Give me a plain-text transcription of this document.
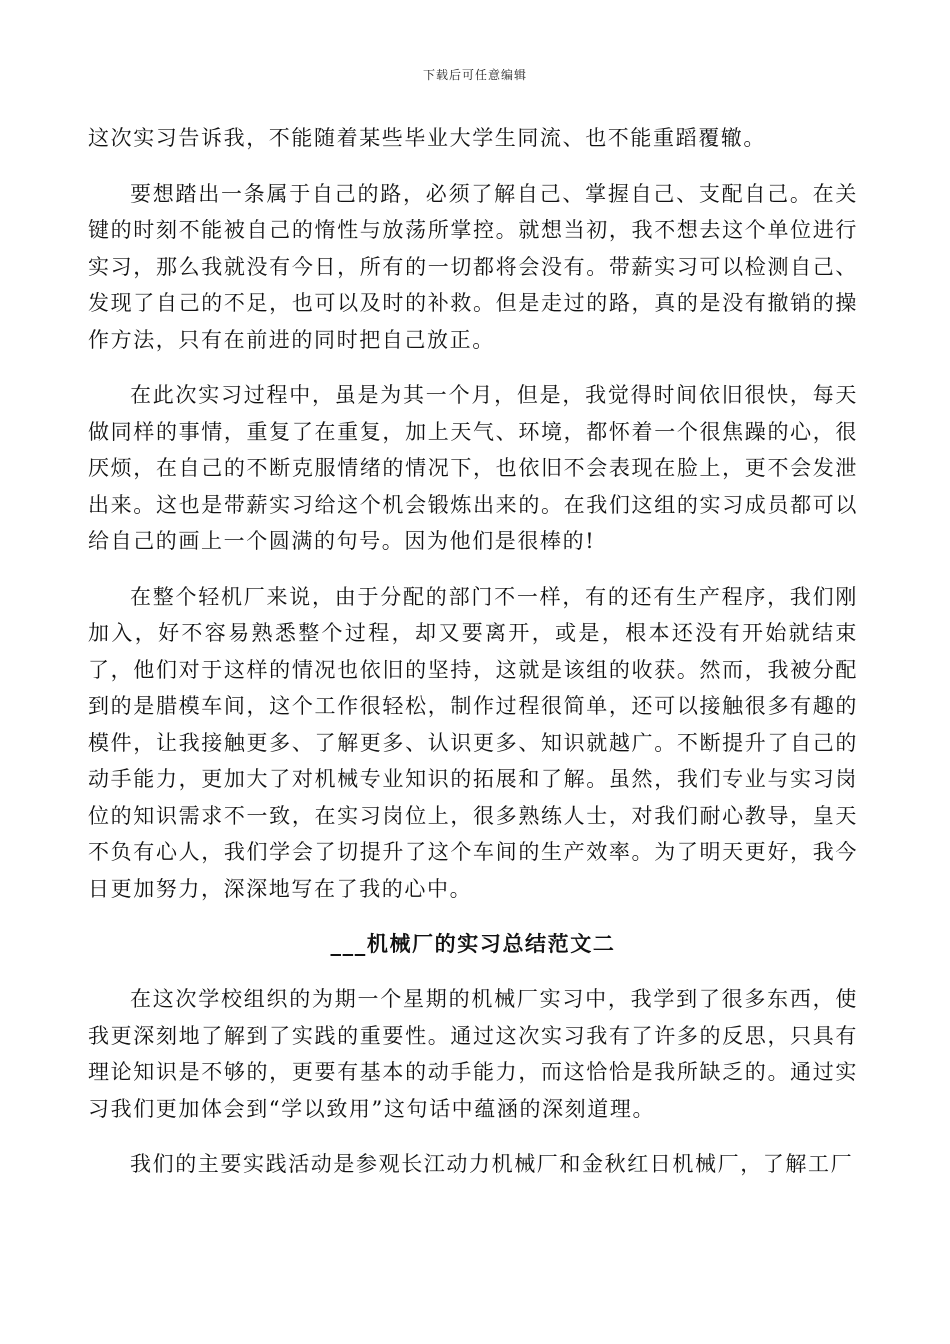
下载后可任意编辑

这次实习告诉我，不能随着某些毕业大学生同流、也不能重蹈覆辙。

要想踏出一条属于自己的路，必须了解自己、掌握自己、支配自己。在关键的时刻不能被自己的惰性与放荡所掌控。就想当初，我不想去这个单位进行实习，那么我就没有今日，所有的一切都将会没有。带薪实习可以检测自己、发现了自己的不足，也可以及时的补救。但是走过的路，真的是没有撤销的操作方法，只有在前进的同时把自己放正。

在此次实习过程中，虽是为其一个月，但是，我觉得时间依旧很快，每天做同样的事情，重复了在重复，加上天气、环境，都怀着一个很焦躁的心，很厌烦，在自己的不断克服情绪的情况下，也依旧不会表现在脸上，更不会发泄出来。这也是带薪实习给这个机会锻炼出来的。在我们这组的实习成员都可以给自己的画上一个圆满的句号。因为他们是很棒的!

在整个轻机厂来说，由于分配的部门不一样，有的还有生产程序，我们刚加入，好不容易熟悉整个过程，却又要离开，或是，根本还没有开始就结束了，他们对于这样的情况也依旧的坚持，这就是该组的收获。然而，我被分配到的是腊模车间，这个工作很轻松，制作过程很简单，还可以接触很多有趣的模件，让我接触更多、了解更多、认识更多、知识就越广。不断提升了自己的动手能力，更加大了对机械专业知识的拓展和了解。虽然，我们专业与实习岗位的知识需求不一致，在实习岗位上，很多熟练人士，对我们耐心教导，皇天不负有心人，我们学会了切提升了这个车间的生产效率。为了明天更好，我今日更加努力，深深地写在了我的心中。

___机械厂的实习总结范文二

在这次学校组织的为期一个星期的机械厂实习中，我学到了很多东西，使我更深刻地了解到了实践的重要性。通过这次实习我有了许多的反思，只具有理论知识是不够的，更要有基本的动手能力，而这恰恰是我所缺乏的。通过实习我们更加体会到“学以致用”这句话中蕴涵的深刻道理。

我们的主要实践活动是参观长江动力机械厂和金秋红日机械厂，了解工厂
